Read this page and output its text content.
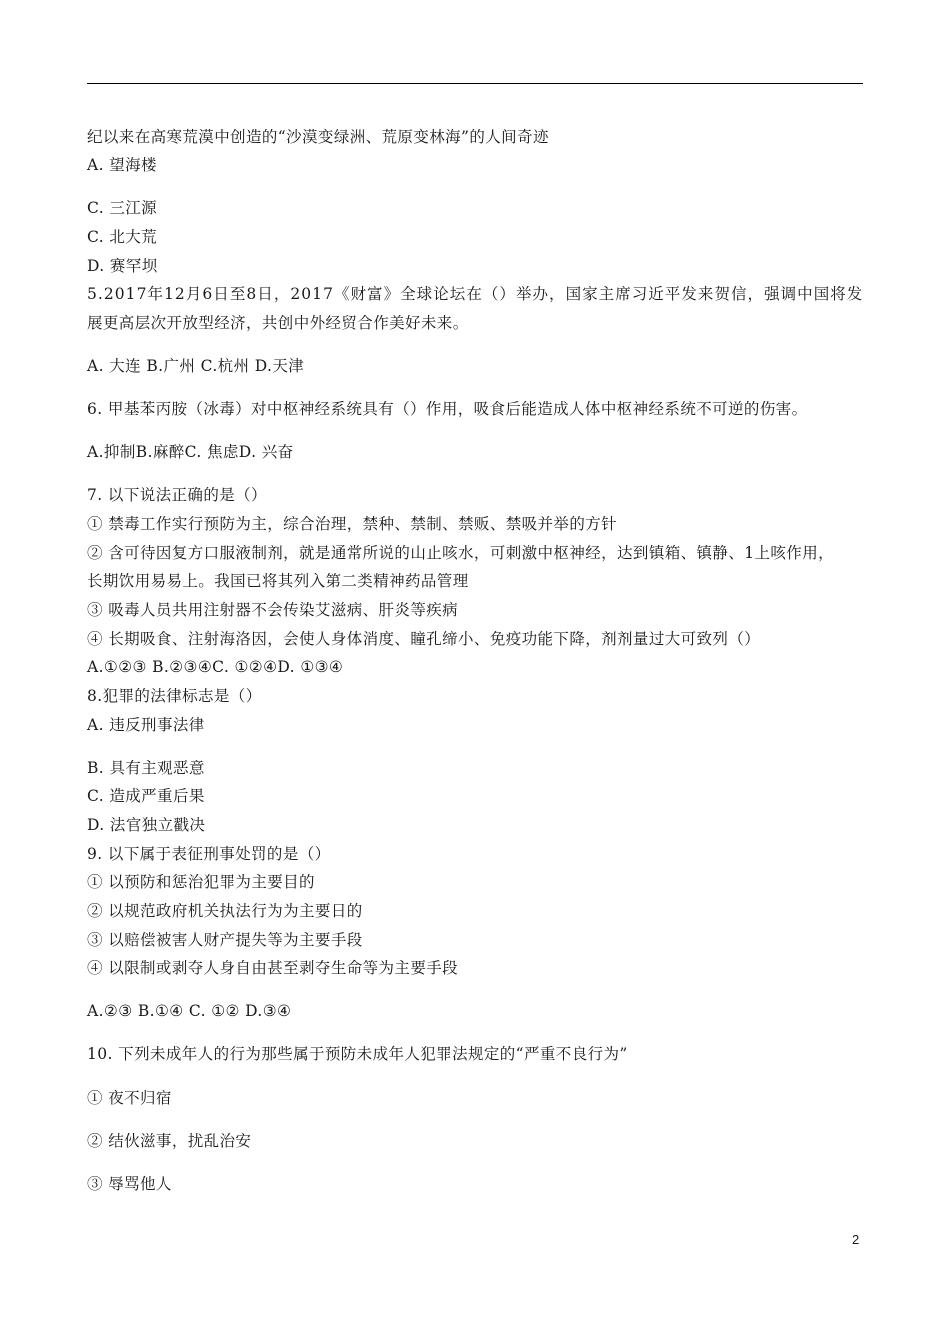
纪以来在高寒荒漠中创造的“沙漠变绿洲、荒原变林海”的人间奇迹
A. 望海楼
C. 三江源
C. 北大荒
D. 赛罕坝
5.2017年12月6日至8日，2017《财富》全球论坛在（）举办，国家主席习近平发来贺信，强调中国将发
展更高层次开放型经济，共创中外经贸合作美好未来。
A. 大连 B.广州 C.杭州 D.天津
6. 甲基苯丙胺（冰毒）对中枢神经系统具有（）作用，吸食后能造成人体中枢神经系统不可逆的伤害。
A.抑制B.麻醉C. 焦虑D. 兴奋
7. 以下说法正确的是（）
① 禁毒工作实行预防为主，综合治理，禁种、禁制、禁贩、禁吸并举的方针
② 含可待因复方口服液制剂，就是通常所说的山止咳水，可刺激中枢神经，达到镇箱、镇静、1上咳作用，
长期饮用易易上。我国已将其列入第二类精神药品管理
③ 吸毒人员共用注射器不会传染艾滋病、肝炎等疾病
④ 长期吸食、注射海洛因，会使人身体消度、瞳孔缔小、免疫功能下降，剂剂量过大可致列（）
A.①②③ B.②③④C. ①②④D. ①③④
8.犯罪的法律标志是（）
A. 违反刑事法律
B. 具有主观恶意
C. 造成严重后果
D. 法官独立戳决
9. 以下属于表征刑事处罚的是（）
① 以预防和惩治犯罪为主要目的
② 以规范政府机关执法行为为主要日的
③ 以赔偿被害人财产提失等为主要手段
④ 以限制或剥夺人身自由甚至剥夺生命等为主要手段
A.②③ B.①④ C. ①② D.③④
10. 下列未成年人的行为那些属于预防未成年人犯罪法规定的“严重不良行为”
① 夜不归宿
② 结伙滋事，扰乱治安
③ 辱骂他人
2
